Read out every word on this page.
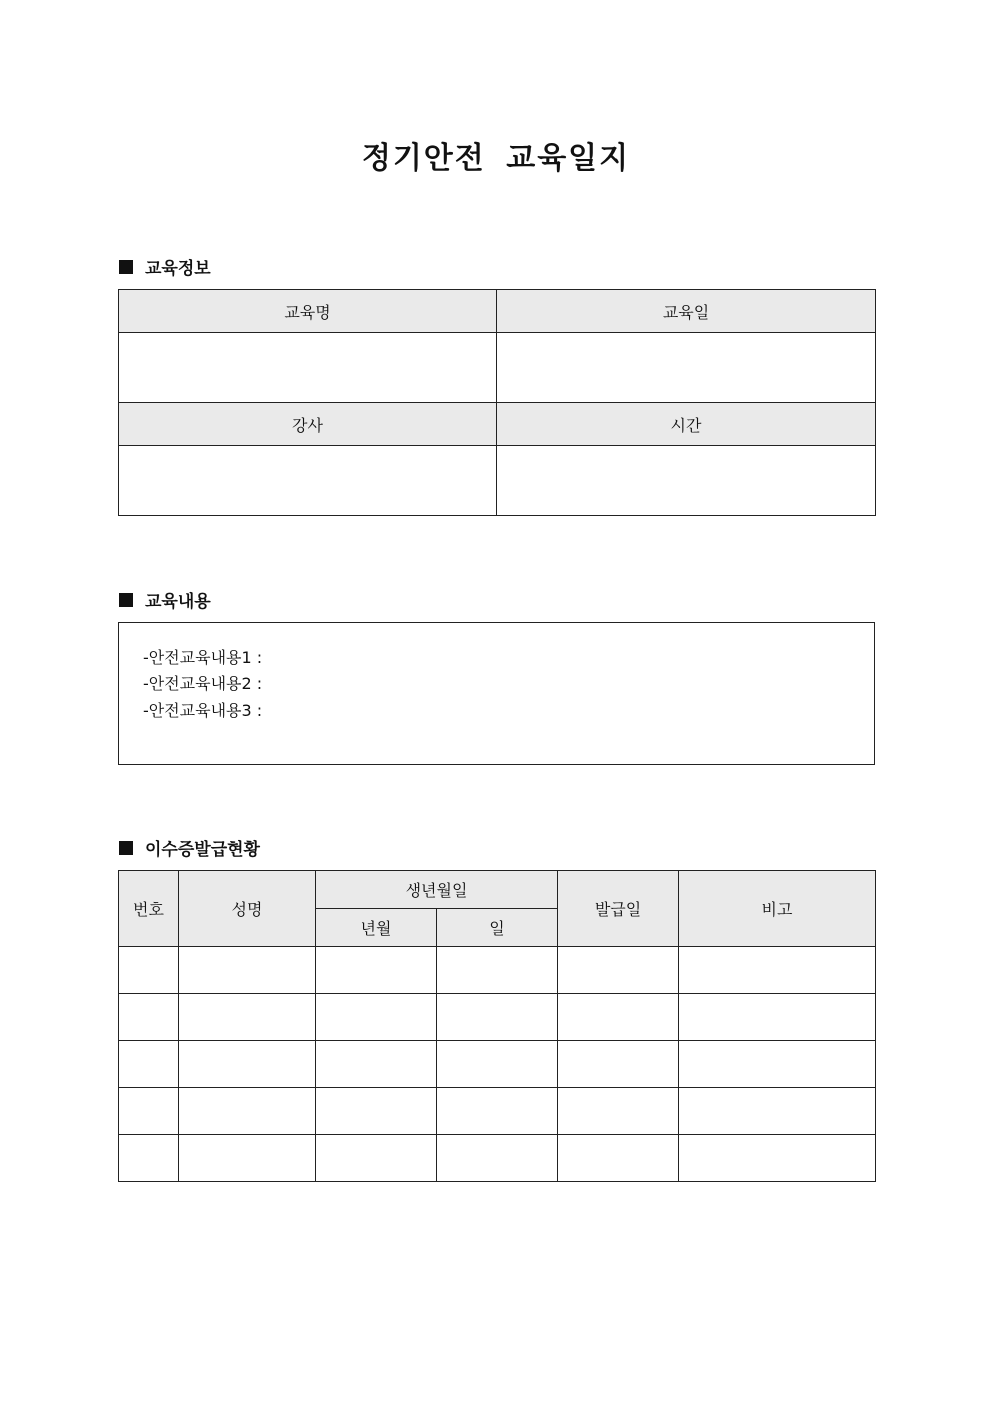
정기안전 교육일지
교육정보
교육명	교육일

강사	시간

교육내용
-안전교육내용1 :
-안전교육내용2 :
-안전교육내용3 :
이수증발급현황
번호	성명	생년월일		발급일	비고
		년월	일		
